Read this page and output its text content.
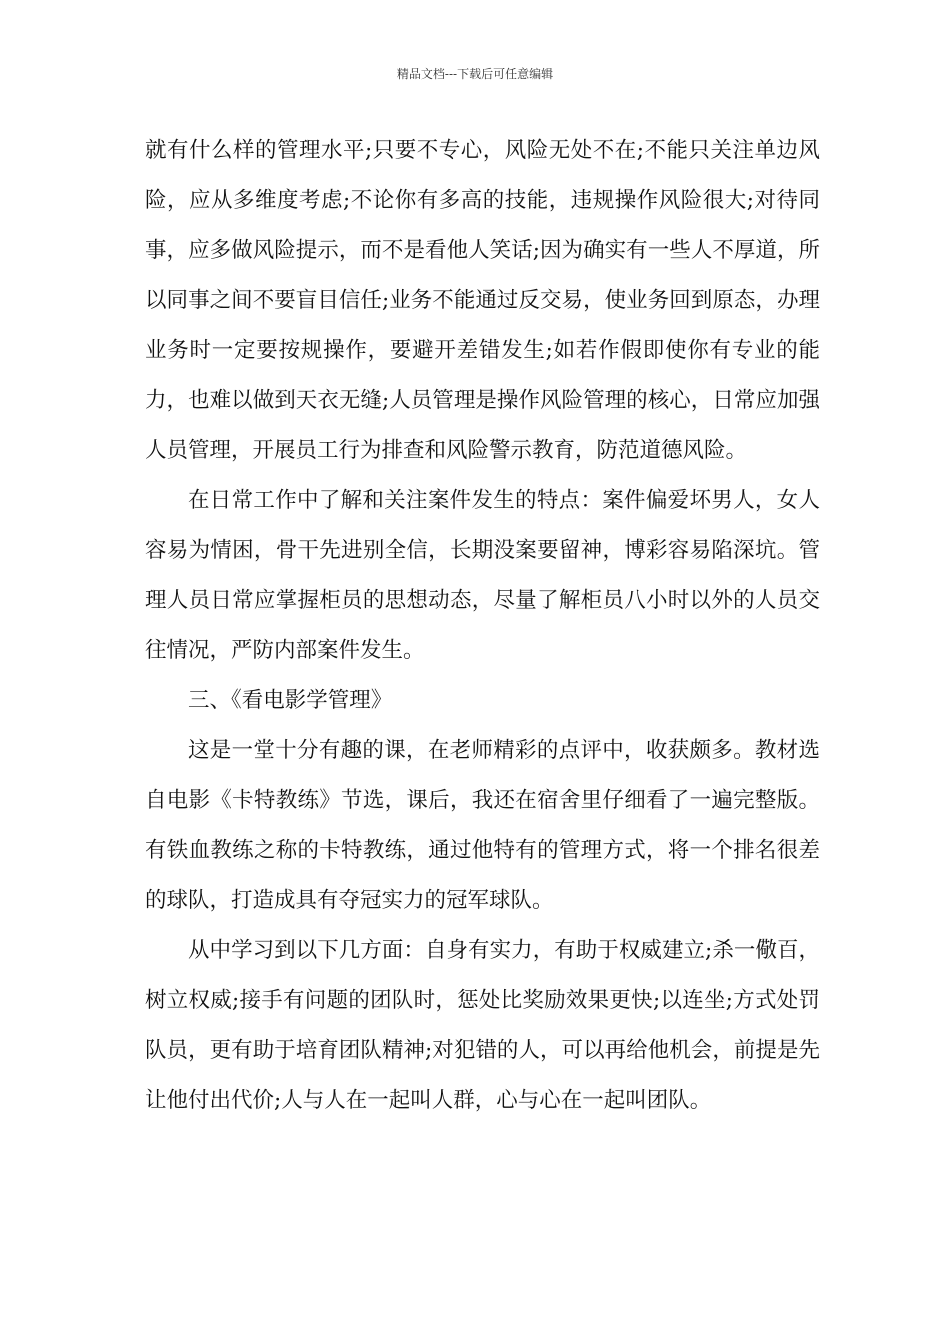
精品文档---下载后可任意编辑

就有什么样的管理水平;只要不专心，风险无处不在;不能只关注单边风险，应从多维度考虑;不论你有多高的技能，违规操作风险很大;对待同事，应多做风险提示，而不是看他人笑话;因为确实有一些人不厚道，所以同事之间不要盲目信任;业务不能通过反交易，使业务回到原态，办理业务时一定要按规操作，要避开差错发生;如若作假即使你有专业的能力，也难以做到天衣无缝;人员管理是操作风险管理的核心，日常应加强人员管理，开展员工行为排查和风险警示教育，防范道德风险。

在日常工作中了解和关注案件发生的特点：案件偏爱坏男人，女人容易为情困，骨干先进别全信，长期没案要留神，博彩容易陷深坑。管理人员日常应掌握柜员的思想动态，尽量了解柜员八小时以外的人员交往情况，严防内部案件发生。

三、《看电影学管理》

这是一堂十分有趣的课，在老师精彩的点评中，收获颇多。教材选自电影《卡特教练》节选，课后，我还在宿舍里仔细看了一遍完整版。有铁血教练之称的卡特教练，通过他特有的管理方式，将一个排名很差的球队，打造成具有夺冠实力的冠军球队。

从中学习到以下几方面：自身有实力，有助于权威建立;杀一儆百，树立权威;接手有问题的团队时，惩处比奖励效果更快;以连坐;方式处罚队员，更有助于培育团队精神;对犯错的人，可以再给他机会，前提是先让他付出代价;人与人在一起叫人群，心与心在一起叫团队。
